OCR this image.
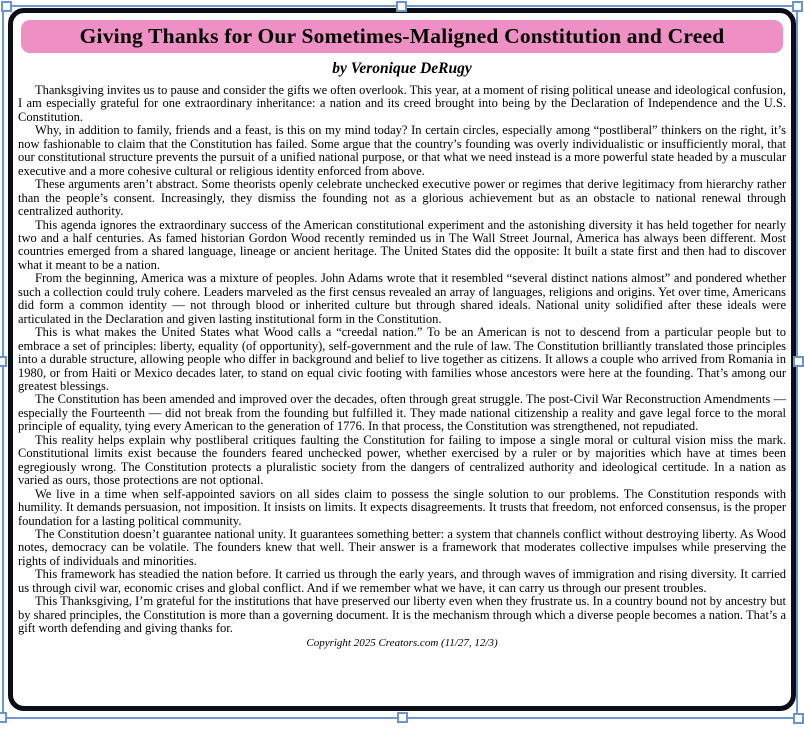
Giving Thanks for Our Sometimes-Maligned Constitution and Creed
by Veronique DeRugy

Thanksgiving invites us to pause and consider the gifts we often overlook. This year, at a moment of rising political unease and ideological confusion, I am especially grateful for one extraordinary inheritance: a nation and its creed brought into being by the Declaration of Independence and the U.S. Constitution.

Why, in addition to family, friends and a feast, is this on my mind today? In certain circles, especially among “postliberal” thinkers on the right, it’s now fashionable to claim that the Constitution has failed. Some argue that the country’s founding was overly individualistic or insufficiently moral, that our constitutional structure prevents the pursuit of a unified national purpose, or that what we need instead is a more powerful state headed by a muscular executive and a more cohesive cultural or religious identity enforced from above.

These arguments aren’t abstract. Some theorists openly celebrate unchecked executive power or regimes that derive legitimacy from hierarchy rather than the people’s consent. Increasingly, they dismiss the founding not as a glorious achievement but as an obstacle to national renewal through centralized authority.

This agenda ignores the extraordinary success of the American constitutional experiment and the astonishing diversity it has held together for nearly two and a half centuries. As famed historian Gordon Wood recently reminded us in The Wall Street Journal, America has always been different. Most countries emerged from a shared language, lineage or ancient heritage. The United States did the opposite: It built a state first and then had to discover what it meant to be a nation.

From the beginning, America was a mixture of peoples. John Adams wrote that it resembled “several distinct nations almost” and pondered whether such a collection could truly cohere. Leaders marveled as the first census revealed an array of languages, religions and origins. Yet over time, Americans did form a common identity — not through blood or inherited culture but through shared ideals. National unity solidified after these ideals were articulated in the Declaration and given lasting institutional form in the Constitution.

This is what makes the United States what Wood calls a “creedal nation.” To be an American is not to descend from a particular people but to embrace a set of principles: liberty, equality (of opportunity), self-government and the rule of law. The Constitution brilliantly translated those principles into a durable structure, allowing people who differ in background and belief to live together as citizens. It allows a couple who arrived from Romania in 1980, or from Haiti or Mexico decades later, to stand on equal civic footing with families whose ancestors were here at the founding. That’s among our greatest blessings.

The Constitution has been amended and improved over the decades, often through great struggle. The post-Civil War Reconstruction Amendments — especially the Fourteenth — did not break from the founding but fulfilled it. They made national citizenship a reality and gave legal force to the moral principle of equality, tying every American to the generation of 1776. In that process, the Constitution was strengthened, not repudiated.

This reality helps explain why postliberal critiques faulting the Constitution for failing to impose a single moral or cultural vision miss the mark. Constitutional limits exist because the founders feared unchecked power, whether exercised by a ruler or by majorities which have at times been egregiously wrong. The Constitution protects a pluralistic society from the dangers of centralized authority and ideological certitude. In a nation as varied as ours, those protections are not optional.

We live in a time when self-appointed saviors on all sides claim to possess the single solution to our problems. The Constitution responds with humility. It demands persuasion, not imposition. It insists on limits. It expects disagreements. It trusts that freedom, not enforced consensus, is the proper foundation for a lasting political community.

The Constitution doesn’t guarantee national unity. It guarantees something better: a system that channels conflict without destroying liberty. As Wood notes, democracy can be volatile. The founders knew that well. Their answer is a framework that moderates collective impulses while preserving the rights of individuals and minorities.

This framework has steadied the nation before. It carried us through the early years, and through waves of immigration and rising diversity. It carried us through civil war, economic crises and global conflict. And if we remember what we have, it can carry us through our present troubles.

This Thanksgiving, I’m grateful for the institutions that have preserved our liberty even when they frustrate us. In a country bound not by ancestry but by shared principles, the Constitution is more than a governing document. It is the mechanism through which a diverse people becomes a nation. That’s a gift worth defending and giving thanks for.

Copyright 2025 Creators.com (11/27, 12/3)
